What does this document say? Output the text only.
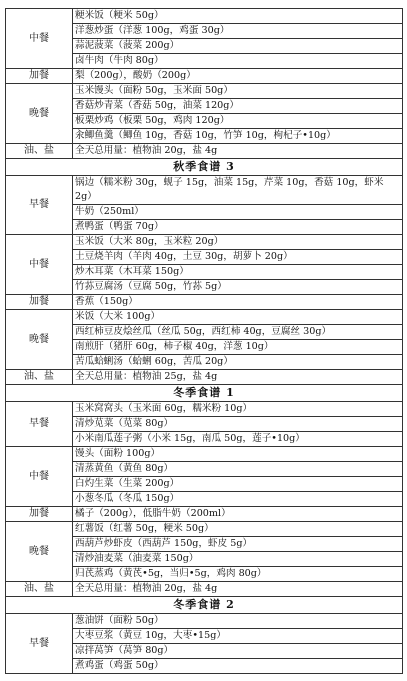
中餐	粳米饭（粳米 50g）
洋葱炒蛋（洋葱 100g，鸡蛋 30g）
蒜泥菠菜（菠菜 200g）
卤牛肉（牛肉 80g）

加餐	梨（200g），酸奶（200g）

晚餐	玉米馒头（面粉 50g，玉米面 50g）
香菇炒青菜（香菇 50g，油菜 120g）
板栗炒鸡（板栗 50g，鸡肉 120g）
汆鲫鱼羹（鲫鱼 10g，香菇 10g，竹笋 10g，枸杞子•10g）

油、盐	全天总用量：植物油 20g，盐 4g

秋季食谱 3	
早餐	锅边（糯米粉 30g，蚬子 15g，油菜 15g，芹菜 10g，香菇 10g，虾米 2g）
牛奶（250ml）
煮鸭蛋（鸭蛋 70g）

中餐	玉米饭（大米 80g，玉米粒 20g）
土豆烧羊肉（羊肉 40g，土豆 30g，胡萝卜 20g）
炒木耳菜（木耳菜 150g）
竹荪豆腐汤（豆腐 50g，竹荪 5g）

加餐	香蕉（150g）

晚餐	米饭（大米 100g）
西红柿豆皮烩丝瓜（丝瓜 50g，西红柿 40g，豆腐丝 30g）
南煎肝（猪肝 60g，柿子椒 40g，洋葱 10g）
苦瓜蛤蜊汤（蛤蜊 60g，苦瓜 20g）

油、盐	全天总用量：植物油 25g，盐 4g

冬季食谱 1	
早餐	玉米窝窝头（玉米面 60g，糯米粉 10g）
清炒苋菜（苋菜 80g）
小米南瓜莲子粥（小米 15g，南瓜 50g，莲子•10g）

中餐	馒头（面粉 100g）
清蒸黄鱼（黄鱼 80g）
白灼生菜（生菜 200g）
小葱冬瓜（冬瓜 150g）

加餐	橘子（200g），低脂牛奶（200ml）

晚餐	红薯饭（红薯 50g，粳米 50g）
西葫芦炒虾皮（西葫芦 150g，虾皮 5g）
清炒油麦菜（油麦菜 150g）
归芪蒸鸡（黄芪•5g，当归•5g，鸡肉 80g）

油、盐	全天总用量：植物油 20g，盐 4g

冬季食谱 2	
早餐	葱油饼（面粉 50g）
大枣豆浆（黄豆 10g，大枣•15g）
凉拌莴笋（莴笋 80g）
煮鸡蛋（鸡蛋 50g）
